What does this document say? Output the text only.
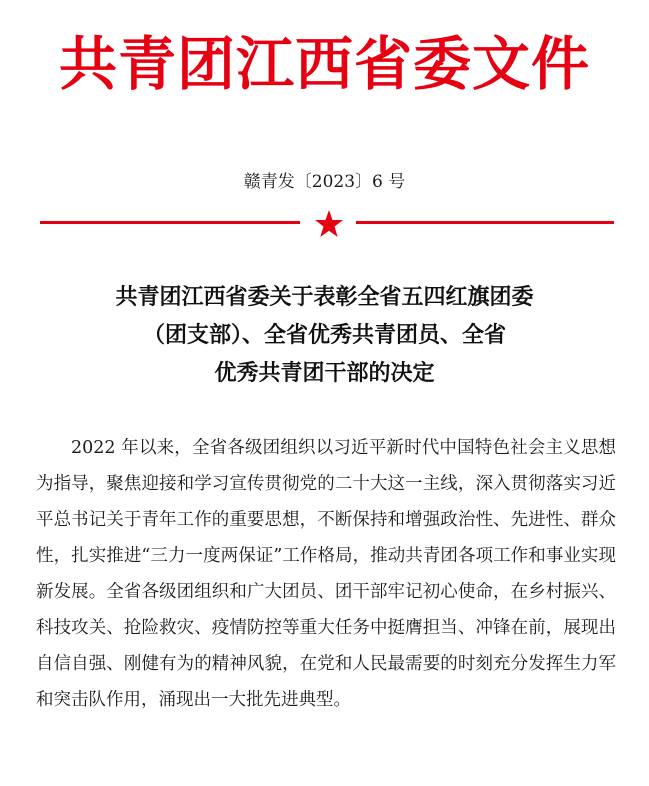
共青团江西省委文件
赣青发〔2023〕6 号
共青团江西省委关于表彰全省五四红旗团委
（团支部）、全省优秀共青团员、全省
优秀共青团干部的决定
2022 年以来，全省各级团组织以习近平新时代中国特色社会主义思想为指导，聚焦迎接和学习宣传贯彻党的二十大这一主线，深入贯彻落实习近平总书记关于青年工作的重要思想，不断保持和增强政治性、先进性、群众性，扎实推进“三力一度两保证”工作格局，推动共青团各项工作和事业实现新发展。全省各级团组织和广大团员、团干部牢记初心使命，在乡村振兴、科技攻关、抢险救灾、疫情防控等重大任务中挺膺担当、冲锋在前，展现出自信自强、刚健有为的精神风貌，在党和人民最需要的时刻充分发挥生力军和突击队作用，涌现出一大批先进典型。
